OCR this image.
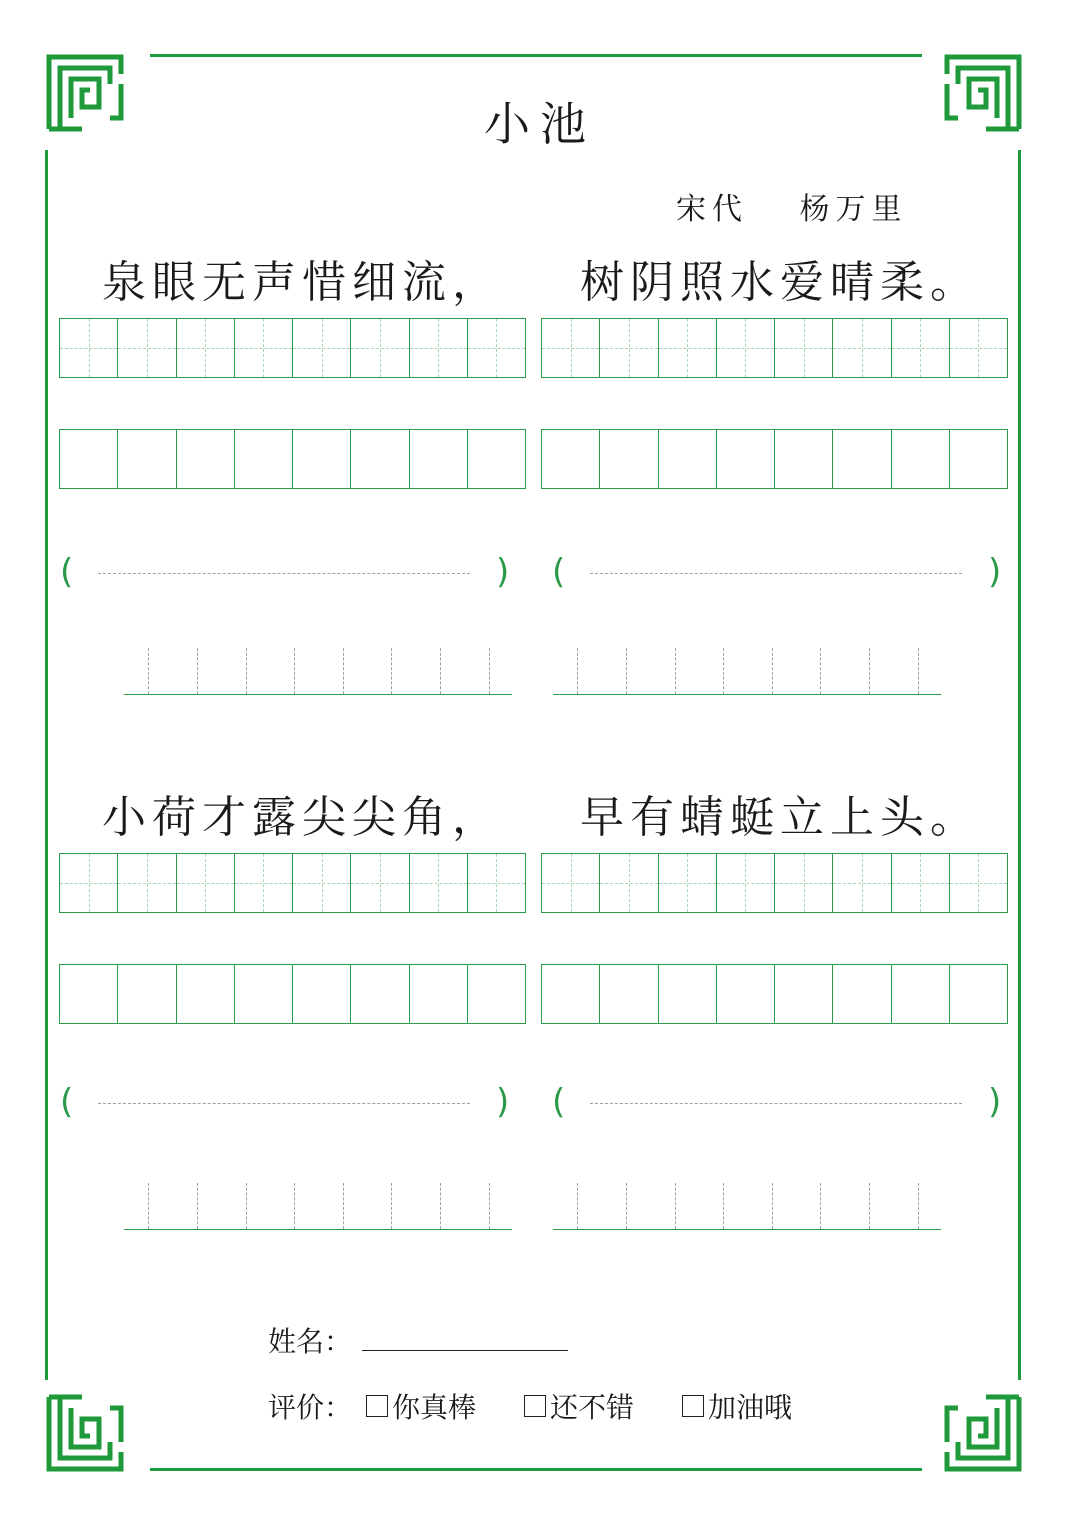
小池
宋代　 杨万里
泉眼无声惜细流， 树阴照水爱晴柔。
(	) (	)
小荷才露尖尖角， 早有蜻蜓立上头。
(	) (	)
姓名：
评价： 你真棒	还不错	加油哦
